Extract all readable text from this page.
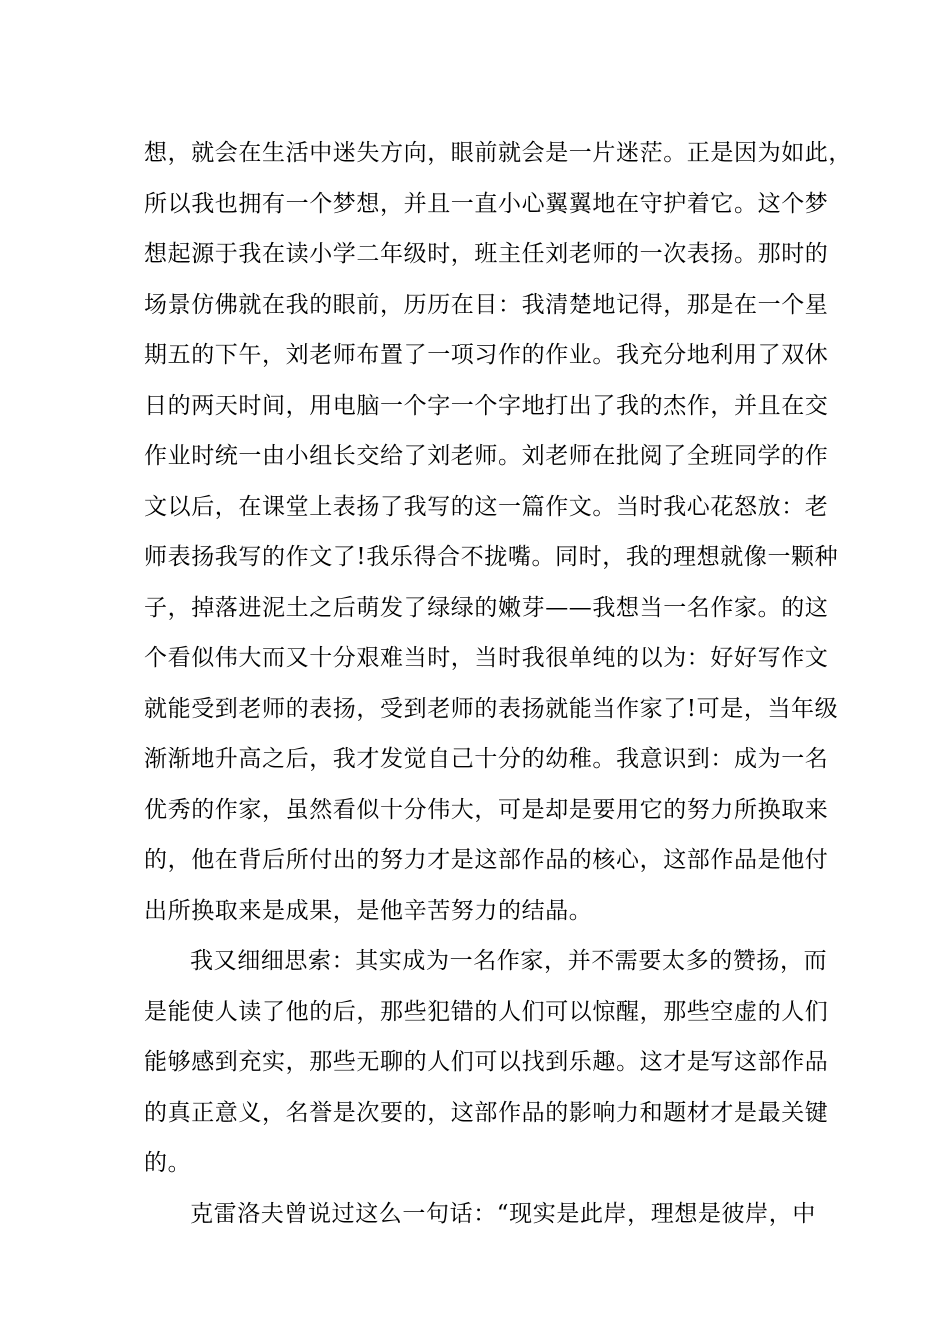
想，就会在生活中迷失方向，眼前就会是一片迷茫。正是因为如此，
所以我也拥有一个梦想，并且一直小心翼翼地在守护着它。这个梦
想起源于我在读小学二年级时，班主任刘老师的一次表扬。那时的
场景仿佛就在我的眼前，历历在目：我清楚地记得，那是在一个星
期五的下午，刘老师布置了一项习作的作业。我充分地利用了双休
日的两天时间，用电脑一个字一个字地打出了我的杰作，并且在交
作业时统一由小组长交给了刘老师。刘老师在批阅了全班同学的作
文以后，在课堂上表扬了我写的这一篇作文。当时我心花怒放：老
师表扬我写的作文了!我乐得合不拢嘴。同时，我的理想就像一颗种
子，掉落进泥土之后萌发了绿绿的嫩芽——我想当一名作家。的这
个看似伟大而又十分艰难当时，当时我很单纯的以为：好好写作文
就能受到老师的表扬，受到老师的表扬就能当作家了!可是，当年级
渐渐地升高之后，我才发觉自己十分的幼稚。我意识到：成为一名
优秀的作家，虽然看似十分伟大，可是却是要用它的努力所换取来
的，他在背后所付出的努力才是这部作品的核心，这部作品是他付
出所换取来是成果，是他辛苦努力的结晶。
我又细细思索：其实成为一名作家，并不需要太多的赞扬，而
是能使人读了他的后，那些犯错的人们可以惊醒，那些空虚的人们
能够感到充实，那些无聊的人们可以找到乐趣。这才是写这部作品
的真正意义，名誉是次要的，这部作品的影响力和题材才是最关键
的。
克雷洛夫曾说过这么一句话：“现实是此岸，理想是彼岸，中
